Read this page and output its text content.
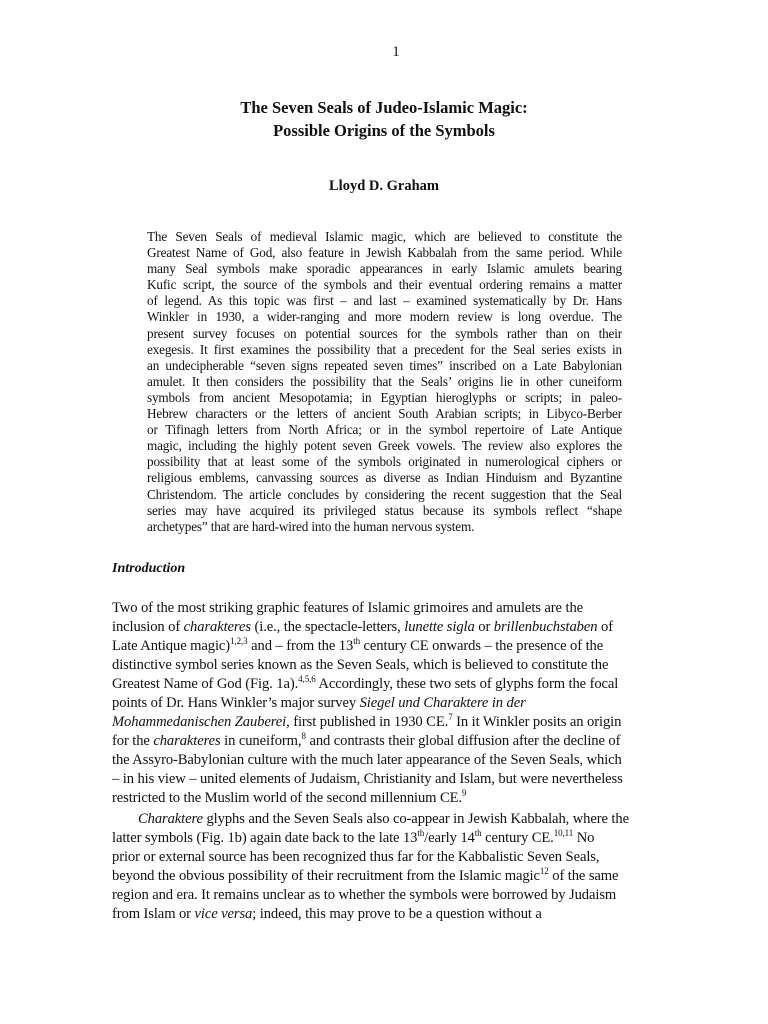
1
The Seven Seals of Judeo-Islamic Magic:
Possible Origins of the Symbols
Lloyd D. Graham
The Seven Seals of medieval Islamic magic, which are believed to constitute the
Greatest Name of God, also feature in Jewish Kabbalah from the same period. While
many Seal symbols make sporadic appearances in early Islamic amulets bearing
Kufic script, the source of the symbols and their eventual ordering remains a matter
of legend. As this topic was first – and last – examined systematically by Dr. Hans
Winkler in 1930, a wider-ranging and more modern review is long overdue. The
present survey focuses on potential sources for the symbols rather than on their
exegesis. It first examines the possibility that a precedent for the Seal series exists in
an undecipherable “seven signs repeated seven times” inscribed on a Late Babylonian
amulet. It then considers the possibility that the Seals’ origins lie in other cuneiform
symbols from ancient Mesopotamia; in Egyptian hieroglyphs or scripts; in paleo-
Hebrew characters or the letters of ancient South Arabian scripts; in Libyco-Berber
or Tifinagh letters from North Africa; or in the symbol repertoire of Late Antique
magic, including the highly potent seven Greek vowels. The review also explores the
possibility that at least some of the symbols originated in numerological ciphers or
religious emblems, canvassing sources as diverse as Indian Hinduism and Byzantine
Christendom. The article concludes by considering the recent suggestion that the Seal
series may have acquired its privileged status because its symbols reflect “shape
archetypes” that are hard-wired into the human nervous system.
Introduction
Two of the most striking graphic features of Islamic grimoires and amulets are the
inclusion of charakteres (i.e., the spectacle-letters, lunette sigla or brillenbuchstaben of
Late Antique magic)$^{1,2,3}$ and – from the 13th century CE onwards – the presence of the
distinctive symbol series known as the Seven Seals, which is believed to constitute the
Greatest Name of God (Fig. 1a).$^{4,5,6}$ Accordingly, these two sets of glyphs form the focal
points of Dr. Hans Winkler’s major survey Siegel und Charaktere in der
Mohammedanischen Zauberei, first published in 1930 CE.$^7$ In it Winkler posits an origin
for the charakteres in cuneiform,$^8$ and contrasts their global diffusion after the decline of
the Assyro-Babylonian culture with the much later appearance of the Seven Seals, which
– in his view – united elements of Judaism, Christianity and Islam, but were nevertheless
restricted to the Muslim world of the second millennium CE.$^9$
Charaktere glyphs and the Seven Seals also co-appear in Jewish Kabbalah, where the
latter symbols (Fig. 1b) again date back to the late 13th/early 14th century CE.$^{10,11}$ No
prior or external source has been recognized thus far for the Kabbalistic Seven Seals,
beyond the obvious possibility of their recruitment from the Islamic magic$^{12}$ of the same
region and era. It remains unclear as to whether the symbols were borrowed by Judaism
from Islam or vice versa; indeed, this may prove to be a question without a
